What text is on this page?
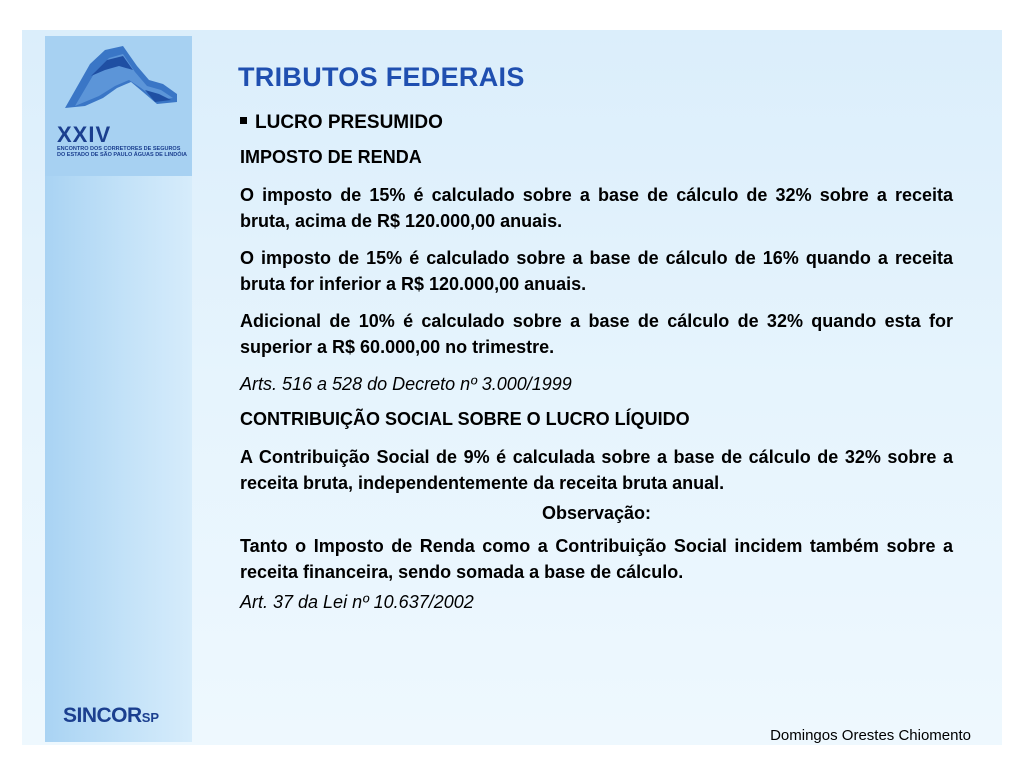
XXIV
ENCONTRO DOS CORRETORES DE SEGUROS DO ESTADO DE SÃO PAULO ÁGUAS DE LINDÓIA
SINCORSP
TRIBUTOS FEDERAIS

LUCRO PRESUMIDO

IMPOSTO DE RENDA

O imposto de 15% é calculado sobre a base de cálculo de 32% sobre a receita bruta, acima de R$ 120.000,00 anuais.

O imposto de 15% é calculado sobre a base de cálculo de 16% quando a receita bruta for inferior a R$ 120.000,00 anuais.

Adicional de 10% é calculado sobre a base de cálculo de 32% quando esta for superior a R$ 60.000,00 no trimestre.

Arts. 516 a 528 do Decreto nº 3.000/1999

CONTRIBUIÇÃO SOCIAL SOBRE O LUCRO LÍQUIDO

A Contribuição Social de 9% é calculada sobre a base de cálculo de 32% sobre a receita bruta, independentemente da receita bruta anual.

Observação:

Tanto o Imposto de Renda como a Contribuição Social incidem também sobre a receita financeira, sendo somada a base de cálculo.

Art. 37 da Lei nº 10.637/2002

Domingos Orestes Chiomento
